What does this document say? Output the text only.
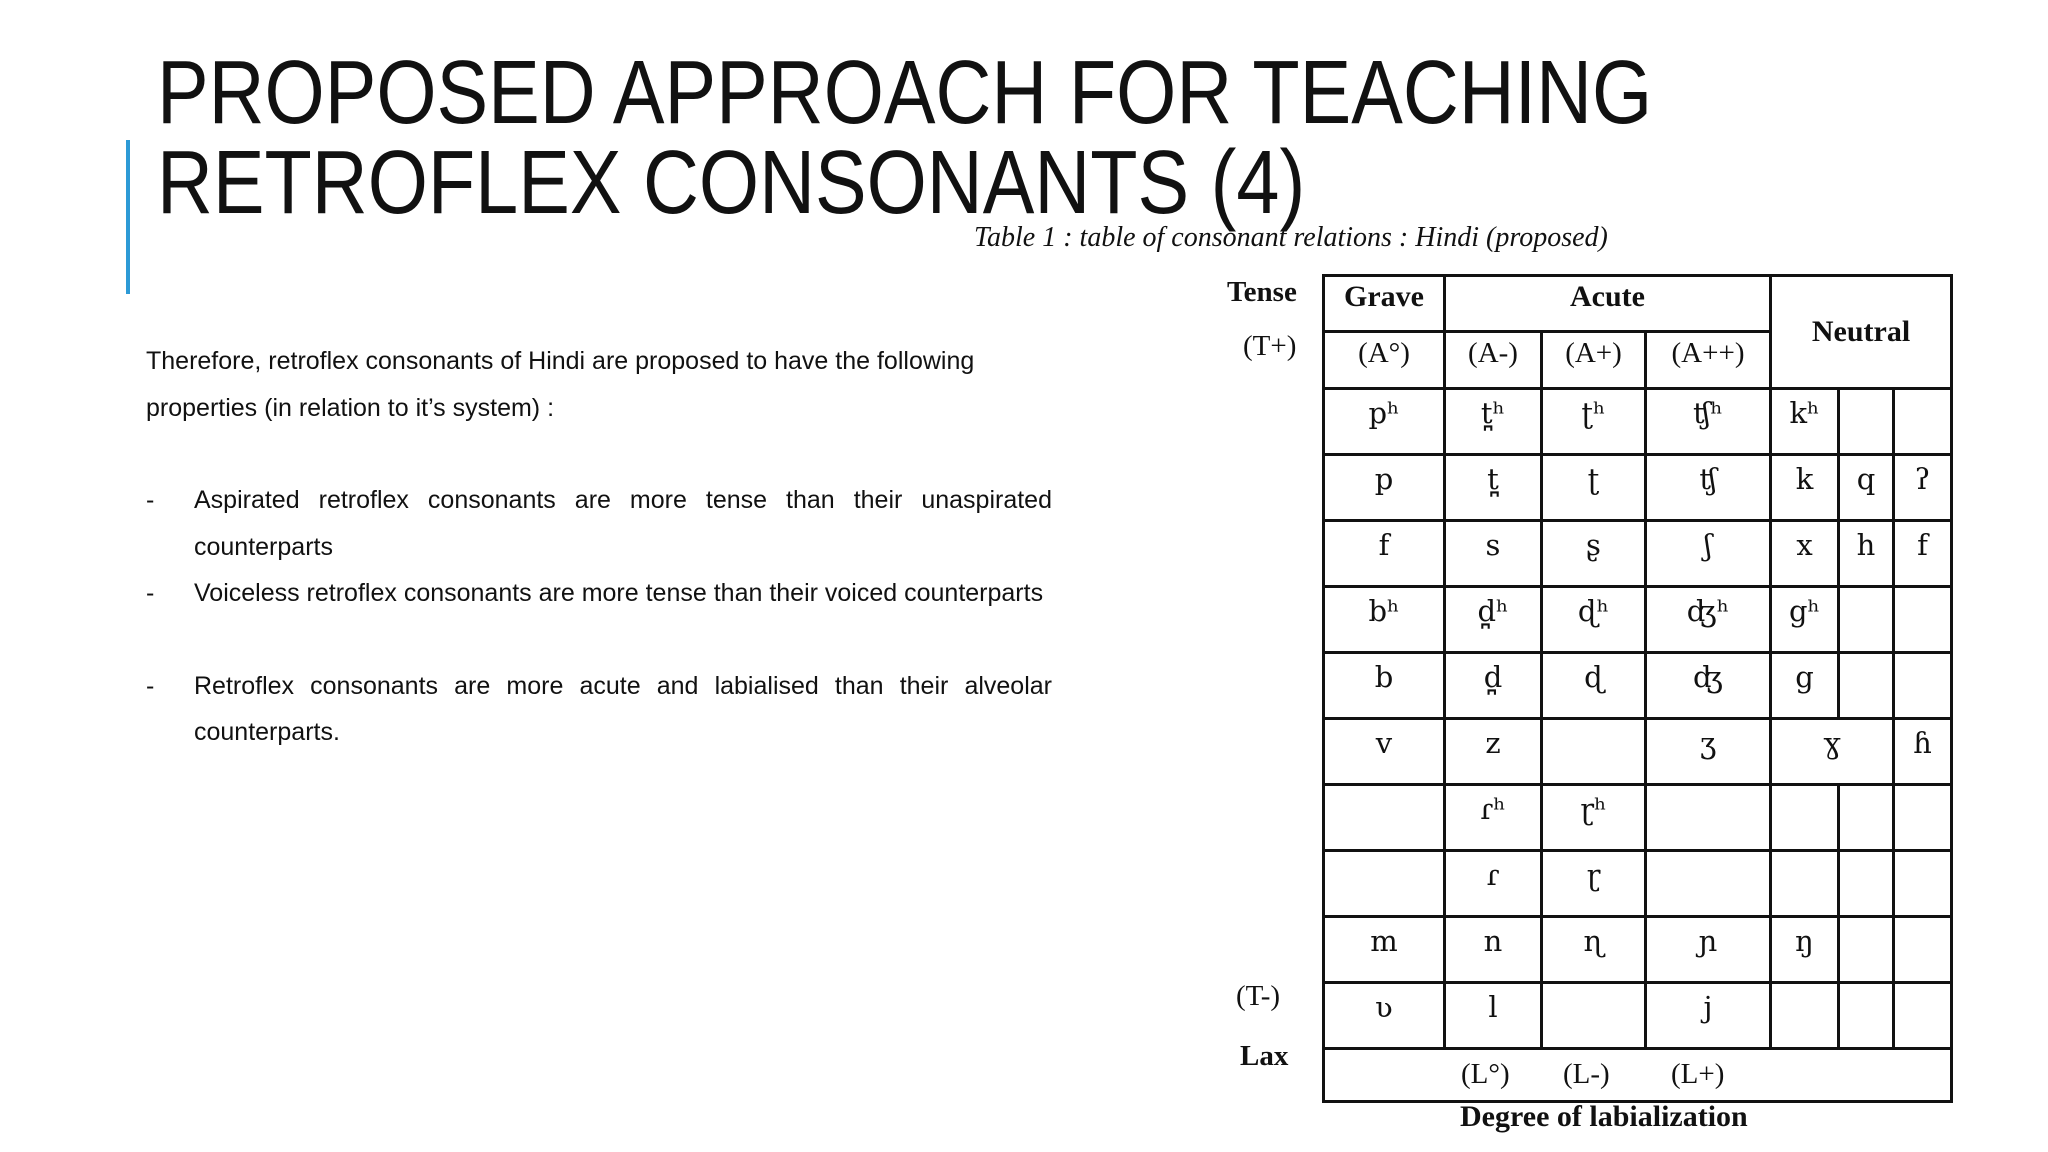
PROPOSED APPROACH FOR TEACHING
RETROFLEX CONSONANTS (4)
Table 1 : table of consonant relations : Hindi (proposed)

Therefore, retroflex consonants of Hindi are proposed to have the following properties (in relation to it’s system) :

-	Aspirated retroflex consonants are more tense than their unaspirated counterparts
-	Voiceless retroflex consonants are more tense than their voiced counterparts
-	Retroflex consonants are more acute and labialised than their alveolar counterparts.
Tense
(T+)
(T-)
Lax
Grave	Acute			Neutral		
(A°)	(A-)	(A+)	(A++)			
pʰ	t̪ʰ	ʈʰ	ʧʰ	kʰ		
p	t̪	ʈ	ʧ	k	q	ʔ
f	s	ʂ	ʃ	x	h	f
bʰ	d̪ʰ	ɖʰ	ʤʰ	gʰ		
b	d̪	ɖ	ʤ	g		
v	z		ʒ	ɣ		ɦ
	ɾʰ	ɽʰ				
	ɾ	ɽ				
m	n	ɳ	ɲ	ŋ		
ʋ	l		j			

(L°) (L-) (L+)						
Degree of labialization
